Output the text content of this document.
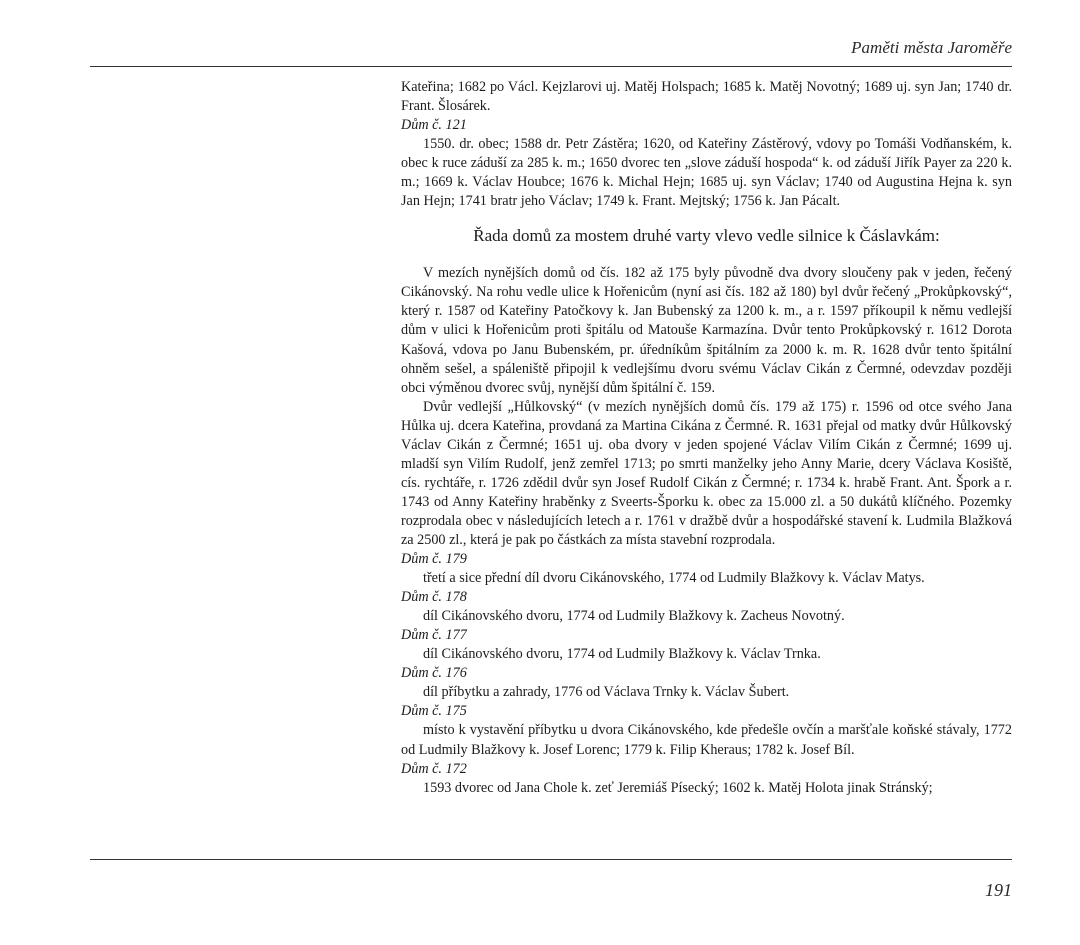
Paměti města Jaroměře

Kateřina; 1682 po Václ. Kejzlarovi uj. Matěj Holspach; 1685 k. Matěj Novotný; 1689 uj. syn Jan; 1740 dr. Frant. Šlosárek.

Dům č. 121

1550. dr. obec; 1588 dr. Petr Zástěra; 1620, od Kateřiny Zástěrový, vdovy po Tomáši Vodňanském, k. obec k ruce záduší za 285 k. m.; 1650 dvorec ten „slove záduší hospoda“ k. od záduší Jiřík Payer za 220 k. m.; 1669 k. Václav Houbce; 1676 k. Michal Hejn; 1685 uj. syn Václav; 1740 od Augustina Hejna k. syn Jan Hejn; 1741 bratr jeho Václav; 1749 k. Frant. Mejtský; 1756 k. Jan Pácalt.

Řada domů za mostem druhé varty vlevo vedle silnice k Čáslavkám:

V mezích nynějších domů od čís. 182 až 175 byly původně dva dvory sloučeny pak v jeden, řečený Cikánovský. Na rohu vedle ulice k Hořenicům (nyní asi čís. 182 až 180) byl dvůr řečený „Prokůpkovský“, který r. 1587 od Kateřiny Patočkovy k. Jan Bubenský za 1200 k. m., a r. 1597 příkoupil k němu vedlejší dům v ulici k Hořenicům proti špitálu od Matouše Karmazína. Dvůr tento Prokůpkovský r. 1612 Dorota Kašová, vdova po Janu Bubenském, pr. úředníkům špitálním za 2000 k. m. R. 1628 dvůr tento špitální ohněm sešel, a spáleniště připojil k vedlejšímu dvoru svému Václav Cikán z Čermné, odevzdav později obci výměnou dvorec svůj, nynější dům špitální č. 159.

Dvůr vedlejší „Hůlkovský“ (v mezích nynějších domů čís. 179 až 175) r. 1596 od otce svého Jana Hůlka uj. dcera Kateřina, provdaná za Martina Cikána z Čermné. R. 1631 přejal od matky dvůr Hůlkovský Václav Cikán z Čermné; 1651 uj. oba dvory v jeden spojené Václav Vilím Cikán z Čermné; 1699 uj. mladší syn Vilím Rudolf, jenž zemřel 1713; po smrti manželky jeho Anny Marie, dcery Václava Kosiště, cís. rychtáře, r. 1726 zdědil dvůr syn Josef Rudolf Cikán z Čermné; r. 1734 k. hrabě Frant. Ant. Špork a r. 1743 od Anny Kateřiny hraběnky z Sveerts-Šporku k. obec za 15.000 zl. a 50 dukátů klíčného. Pozemky rozprodala obec v následujících letech a r. 1761 v dražbě dvůr a hospodářské stavení k. Ludmila Blažková za 2500 zl., která je pak po částkách za místa stavební rozprodala.

Dům č. 179

třetí a sice přední díl dvoru Cikánovského, 1774 od Ludmily Blažkovy k. Václav Matys.

Dům č. 178

díl Cikánovského dvoru, 1774 od Ludmily Blažkovy k. Zacheus Novotný.

Dům č. 177

díl Cikánovského dvoru, 1774 od Ludmily Blažkovy k. Václav Trnka.

Dům č. 176

díl příbytku a zahrady, 1776 od Václava Trnky k. Václav Šubert.

Dům č. 175

místo k vystavění příbytku u dvora Cikánovského, kde předešle ovčín a maršťale koňské stávaly, 1772 od Ludmily Blažkovy k. Josef Lorenc; 1779 k. Filip Kheraus; 1782 k. Josef Bíl.

Dům č. 172

1593 dvorec od Jana Chole k. zeť Jeremiáš Písecký; 1602 k. Matěj Holota jinak Stránský;

191
